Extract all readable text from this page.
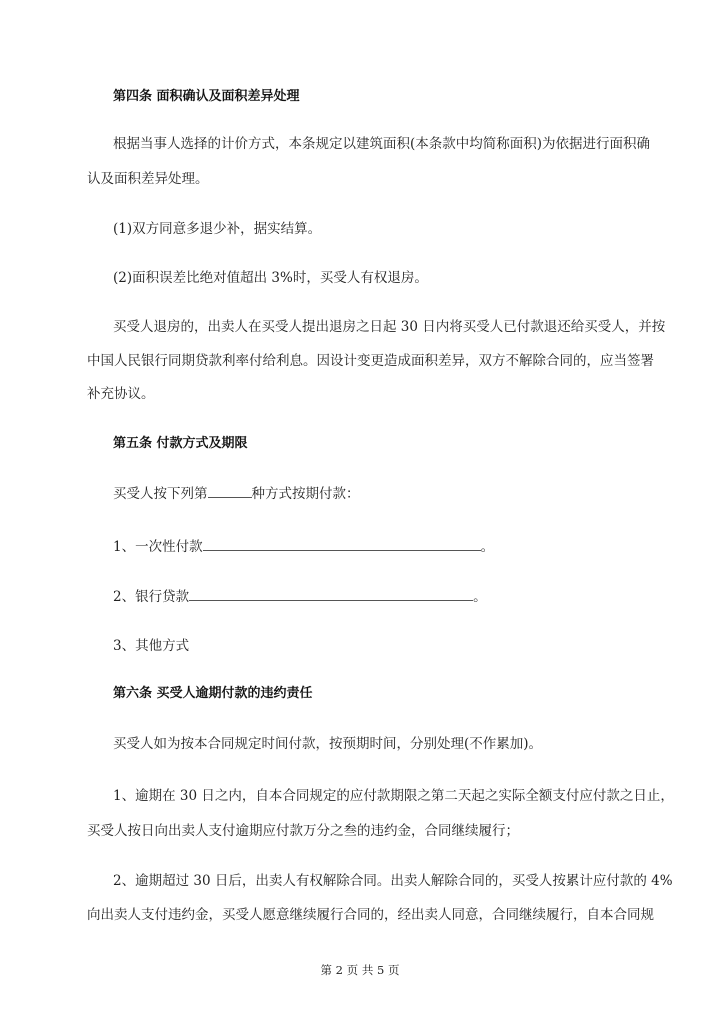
第四条 面积确认及面积差异处理
根据当事人选择的计价方式，本条规定以建筑面积(本条款中均简称面积)为依据进行面积确
认及面积差异处理。
(1)双方同意多退少补，据实结算。
(2)面积误差比绝对值超出 3%时，买受人有权退房。
买受人退房的，出卖人在买受人提出退房之日起 30 日内将买受人已付款退还给买受人，并按
中国人民银行同期贷款利率付给利息。因设计变更造成面积差异，双方不解除合同的，应当签署
补充协议。
第五条 付款方式及期限
买受人按下列第	种方式按期付款：
1、一次性付款	。
2、银行贷款	。
3、其他方式
第六条 买受人逾期付款的违约责任
买受人如为按本合同规定时间付款，按预期时间，分别处理(不作累加)。
1、逾期在 30 日之内，自本合同规定的应付款期限之第二天起之实际全额支付应付款之日止，
买受人按日向出卖人支付逾期应付款万分之叁的违约金，合同继续履行；
2、逾期超过 30 日后，出卖人有权解除合同。出卖人解除合同的，买受人按累计应付款的 4%
向出卖人支付违约金，买受人愿意继续履行合同的，经出卖人同意，合同继续履行，自本合同规
第 2 页 共 5 页
